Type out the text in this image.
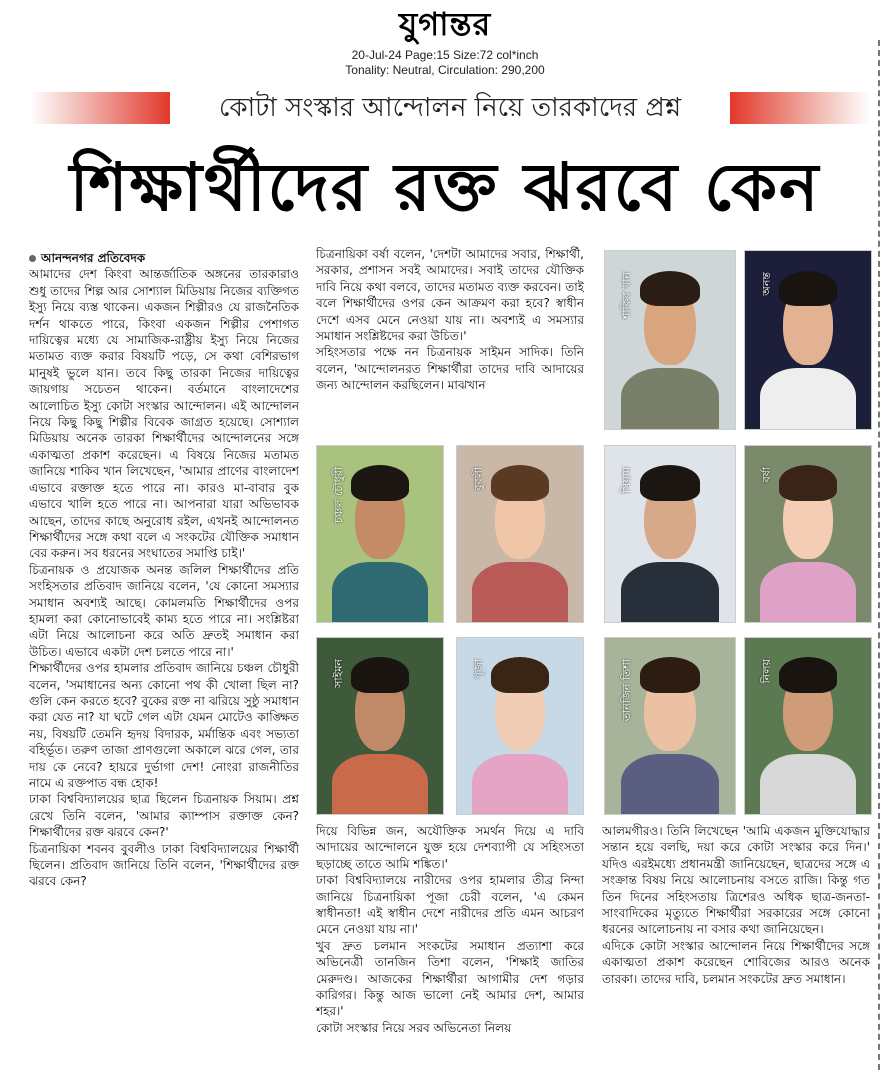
যুগান্তর
20-Jul-24 Page:15 Size:72 col*inch
Tonality: Neutral, Circulation: 290,200
কোটা সংস্কার আন্দোলন নিয়ে তারকাদের প্রশ্ন
শিক্ষার্থীদের রক্ত ঝরবে কেন

আনন্দনগর প্রতিবেদক

আমাদের দেশ কিংবা আন্তর্জাতিক অঙ্গনের তারকারাও শুধু তাদের শিল্প আর সোশ্যাল মিডিয়ায় নিজের ব্যক্তিগত ইস্যু নিয়ে ব্যস্ত থাকেন। একজন শিল্পীরও যে রাজনৈতিক দর্শন থাকতে পারে, কিংবা একজন শিল্পীর পেশাগত দায়িত্বের মধ্যে যে সামাজিক-রাষ্ট্রীয় ইস্যু নিয়ে নিজের মতামত ব্যক্ত করার বিষয়টি পড়ে, সে কথা বেশিরভাগ মানুষই ভুলে যান। তবে কিছু তারকা নিজের দায়িত্বের জায়গায় সচেতন থাকেন। বর্তমানে বাংলাদেশের আলোচিত ইস্যু কোটা সংস্কার আন্দোলন। এই আন্দোলন নিয়ে কিছু কিছু শিল্পীর বিবেক জাগ্রত হয়েছে। সোশ্যাল মিডিয়ায় অনেক তারকা শিক্ষার্থীদের আন্দোলনের সঙ্গে একাত্মতা প্রকাশ করেছেন। এ বিষয়ে নিজের মতামত জানিয়ে শাকিব খান লিখেছেন, 'আমার প্রাণের বাংলাদেশ এভাবে রক্তাক্ত হতে পারে না। কারও মা-বাবার বুক এভাবে খালি হতে পারে না। আপনারা যারা অভিভাবক আছেন, তাদের কাছে অনুরোধ রইল, এখনই আন্দোলনত শিক্ষার্থীদের সঙ্গে কথা বলে এ সংকটের যৌক্তিক সমাধান বের করুন। সব ধরনের সংঘাতের সমাপ্তি চাই।'

চিত্রনায়ক ও প্রযোজক অনন্ত জলিল শিক্ষার্থীদের প্রতি সংহিসতার প্রতিবাদ জানিয়ে বলেন, 'যে কোনো সমস্যার সমাধান অবশ্যই আছে। কোমলমতি শিক্ষার্থীদের ওপর হামলা করা কোনোভাবেই কাম্য হতে পারে না। সংশ্লিষ্টরা এটা নিয়ে আলোচনা করে অতি দ্রুতই সমাধান করা উচিত। এভাবে একটা দেশ চলতে পারে না।'

শিক্ষার্থীদের ওপর হামলার প্রতিবাদ জানিয়ে চঞ্চল চৌধুরী বলেন, 'সমাধানের অন্য কোনো পথ কী খোলা ছিল না? গুলি কেন করতে হবে? বুকের রক্ত না ঝরিয়ে সুষ্ঠু সমাধান করা যেত না? যা ঘটে গেল এটা যেমন মোটেও কাঙ্ক্ষিত নয়, বিষয়টি তেমনি হৃদয় বিদারক, মর্মান্তিক এবং সভ্যতা বহির্ভূত। তরুণ তাজা প্রাণগুলো অকালে ঝরে গেল, তার দায় কে নেবে? হায়রে দুর্ভাগা দেশ! নোংরা রাজনীতির নামে এ রক্তপাত বন্ধ হোক!

ঢাকা বিশ্ববিদ্যালয়ের ছাত্র ছিলেন চিত্রনায়ক সিয়াম। প্রশ্ন রেখে তিনি বলেন, 'আমার ক্যাম্পাস রক্তাক্ত কেন? শিক্ষার্থীদের রক্ত ঝরবে কেন?'

চিত্রনায়িকা শবনব বুবলীও ঢাকা বিশ্ববিদ্যালয়ের শিক্ষার্থী ছিলেন। প্রতিবাদ জানিয়ে তিনি বলেন, 'শিক্ষার্থীদের রক্ত ঝরবে কেন?

চিত্রনায়িকা বর্ষা বলেন, 'দেশটা আমাদের সবার, শিক্ষার্থী, সরকার, প্রশাসন সবই আমাদের। সবাই তাদের যৌক্তিক দাবি নিয়ে কথা বলবে, তাদের মতামত ব্যক্ত করবেন। তাই বলে শিক্ষার্থীদের ওপর কেন আক্রমণ করা হবে? স্বাধীন দেশে এসব মেনে নেওয়া যায় না। অবশ্যই এ সমস্যার সমাধান সংশ্লিষ্টদের করা উচিত।'

সহিংসতার পক্ষে নন চিত্রনায়ক সাইমন সাদিক। তিনি বলেন, 'আন্দোলনরত শিক্ষার্থীরা তাদের দাবি আদায়ের জন্য আন্দোলন করছিলেন। মাঝখান

শাকিব খান	অনন্ত
চঞ্চল চৌধুরী	বুবলী	সিয়াম	বর্ষা
সাইমন	পূজা	তানজিন তিশা	নিলয়

দিয়ে বিভিন্ন জন, অযৌক্তিক সমর্থন দিয়ে এ দাবি আদায়ের আন্দোলনে যুক্ত হয়ে দেশব্যাপী যে সহিংসতা ছড়াচ্ছে তাতে আমি শঙ্কিত।'

ঢাকা বিশ্ববিদ্যালয়ে নারীদের ওপর হামলার তীব্র নিন্দা জানিয়ে চিত্রনায়িকা পূজা চেরী বলেন, 'এ কেমন স্বাধীনতা! এই স্বাধীন দেশে নারীদের প্রতি এমন আচরণ মেনে নেওয়া যায় না।'

খুব দ্রুত চলমান সংকটের সমাধান প্রত্যাশা করে অভিনেত্রী তানজিন তিশা বলেন, 'শিক্ষাই জাতির মেরুদণ্ড। আজকের শিক্ষার্থীরা আগামীর দেশ গড়ার কারিগর। কিন্তু আজ ভালো নেই আমার দেশ, আমার শহর।'

কোটা সংস্কার নিয়ে সরব অভিনেতা নিলয়

আলমগীরও। তিনি লিখেছেন 'আমি একজন মুক্তিযোদ্ধার সন্তান হয়ে বলছি, দয়া করে কোটা সংস্কার করে দিন।' যদিও এরইমধ্যে প্রধানমন্ত্রী জানিয়েছেন, ছাত্রদের সঙ্গে এ সংক্রান্ত বিষয় নিয়ে আলোচনায় বসতে রাজি। কিন্তু গত তিন দিনের সহিংসতায় ত্রিশেরও অধিক ছাত্র-জনতা-সাংবাদিকের মৃত্যুতে শিক্ষার্থীরা সরকারের সঙ্গে কোনো ধরনের আলোচনায় না বসার কথা জানিয়েছেন।

এদিকে কোটা সংস্কার আন্দোলন নিয়ে শিক্ষার্থীদের সঙ্গে একাত্মতা প্রকাশ করেছেন শোবিজের আরও অনেক তারকা। তাদের দাবি, চলমান সংকটের দ্রুত সমাধান।
